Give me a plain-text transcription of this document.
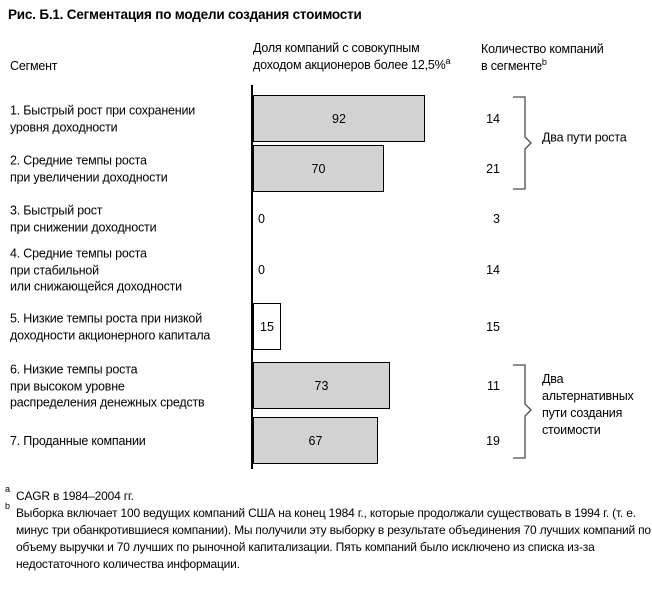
Рис. Б.1. Сегментация по модели создания стоимости
Сегмент
Доля компаний с совокупным
доходом акционеров более 12,5%$^a$
Количество компаний
в сегменте$^b$
1. Быстрый рост при сохранении
уровня доходности
92	14
2. Средние темпы роста
при увеличении доходности
70	21
3. Быстрый рост
при снижении доходности
0	3
4. Средние темпы роста
при стабильной
или снижающейся доходности
0	14
5. Низкие темпы роста при низкой
доходности акционерного капитала
15	15
6. Низкие темпы роста
при высоком уровне
распределения денежных средств
73	11
7. Проданные компании	67	19
Два пути роста
Два альтернативных пути создания стоимости
a CAGR в 1984–2004 гг.
b Выборка включает 100 ведущих компаний США на конец 1984 г., которые продолжали существовать в 1994 г. (т. е. минус три обанкротившиеся компании). Мы получили эту выборку в результате объединения 70 лучших компаний по объему выручки и 70 лучших по рыночной капитализации. Пять компаний было исключено из списка из-за недостаточного количества информации.
